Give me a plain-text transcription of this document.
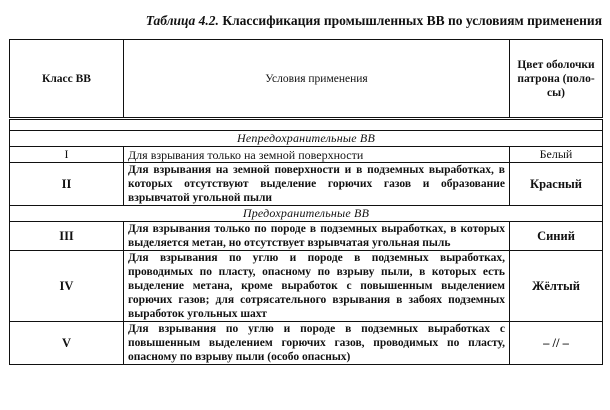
Таблица 4.2. Классификация промышленных ВВ по условиям применения
Класс ВВ	Условия применения	Цвет оболочки патрона (полосы)

Непредохранительные ВВ		
I	Для взрывания только на земной поверхности	Белый
II	Для взрывания на земной поверхности и в подземных выработках, в которых отсутствуют выделение горючих газов и образование взрывчатой угольной пыли	Красный
Предохранительные ВВ		
III	Для взрывания только по породе в подземных выработках, в которых выделяется метан, но отсутствует взрывчатая угольная пыль	Синий
IV	Для взрывания по углю и породе в подземных выработках, проводимых по пласту, опасному по взрыву пыли, в которых есть выделение метана, кроме выработок с повышенным выделением горючих газов; для сотрясательного взрывания в забоях подземных выработок угольных шахт	Жёлтый
V	Для взрывания по углю и породе в подземных выработках с повышенным выделением горючих газов, проводимых по пласту, опасному по взрыву пыли (особо опасных)	– // –
